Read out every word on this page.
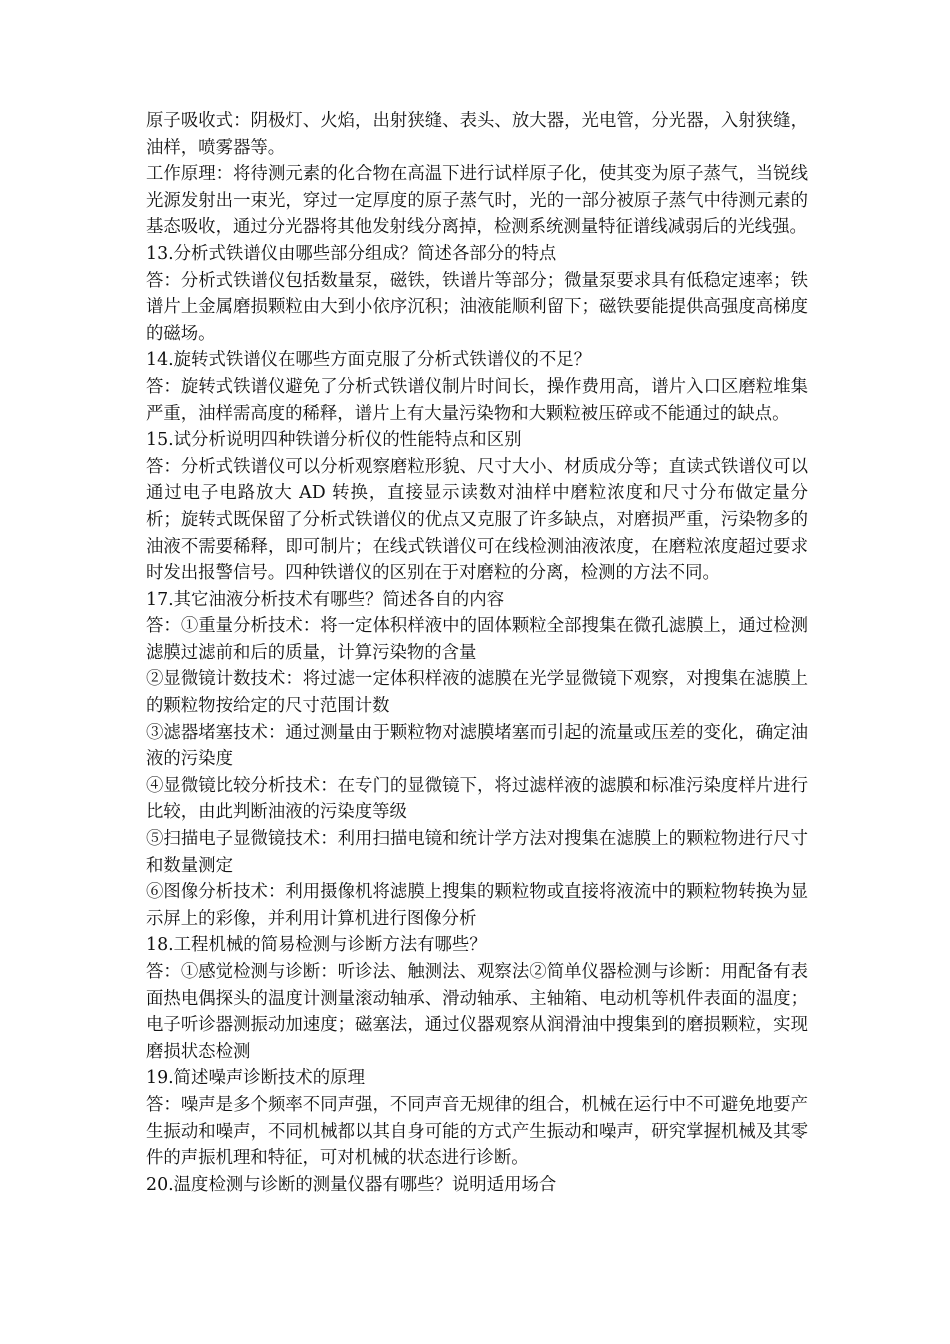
原子吸收式：阴极灯、火焰，出射狭缝、表头、放大器，光电管，分光器，入射狭缝，油样，喷雾器等。

工作原理：将待测元素的化合物在高温下进行试样原子化，使其变为原子蒸气，当锐线光源发射出一束光，穿过一定厚度的原子蒸气时，光的一部分被原子蒸气中待测元素的基态吸收，通过分光器将其他发射线分离掉，检测系统测量特征谱线减弱后的光线强。

13.分析式铁谱仪由哪些部分组成？简述各部分的特点

答：分析式铁谱仪包括数量泵，磁铁，铁谱片等部分；微量泵要求具有低稳定速率；铁谱片上金属磨损颗粒由大到小依序沉积；油液能顺利留下；磁铁要能提供高强度高梯度的磁场。

14.旋转式铁谱仪在哪些方面克服了分析式铁谱仪的不足？

答：旋转式铁谱仪避免了分析式铁谱仪制片时间长，操作费用高，谱片入口区磨粒堆集严重，油样需高度的稀释，谱片上有大量污染物和大颗粒被压碎或不能通过的缺点。

15.试分析说明四种铁谱分析仪的性能特点和区别

答：分析式铁谱仪可以分析观察磨粒形貌、尺寸大小、材质成分等；直读式铁谱仪可以通过电子电路放大 AD 转换，直接显示读数对油样中磨粒浓度和尺寸分布做定量分析；旋转式既保留了分析式铁谱仪的优点又克服了许多缺点，对磨损严重，污染物多的油液不需要稀释，即可制片；在线式铁谱仪可在线检测油液浓度，在磨粒浓度超过要求时发出报警信号。四种铁谱仪的区别在于对磨粒的分离，检测的方法不同。

17.其它油液分析技术有哪些？简述各自的内容

答：①重量分析技术：将一定体积样液中的固体颗粒全部搜集在微孔滤膜上，通过检测滤膜过滤前和后的质量，计算污染物的含量

②显微镜计数技术：将过滤一定体积样液的滤膜在光学显微镜下观察，对搜集在滤膜上的颗粒物按给定的尺寸范围计数

③滤器堵塞技术：通过测量由于颗粒物对滤膜堵塞而引起的流量或压差的变化，确定油液的污染度

④显微镜比较分析技术：在专门的显微镜下，将过滤样液的滤膜和标准污染度样片进行比较，由此判断油液的污染度等级

⑤扫描电子显微镜技术：利用扫描电镜和统计学方法对搜集在滤膜上的颗粒物进行尺寸和数量测定

⑥图像分析技术：利用摄像机将滤膜上搜集的颗粒物或直接将液流中的颗粒物转换为显示屏上的彩像，并利用计算机进行图像分析

18.工程机械的简易检测与诊断方法有哪些？

答：①感觉检测与诊断：听诊法、触测法、观察法②简单仪器检测与诊断：用配备有表面热电偶探头的温度计测量滚动轴承、滑动轴承、主轴箱、电动机等机件表面的温度；电子听诊器测振动加速度；磁塞法，通过仪器观察从润滑油中搜集到的磨损颗粒，实现磨损状态检测

19.简述噪声诊断技术的原理

答：噪声是多个频率不同声强，不同声音无规律的组合，机械在运行中不可避免地要产生振动和噪声，不同机械都以其自身可能的方式产生振动和噪声，研究掌握机械及其零件的声振机理和特征，可对机械的状态进行诊断。

20.温度检测与诊断的测量仪器有哪些？说明适用场合
